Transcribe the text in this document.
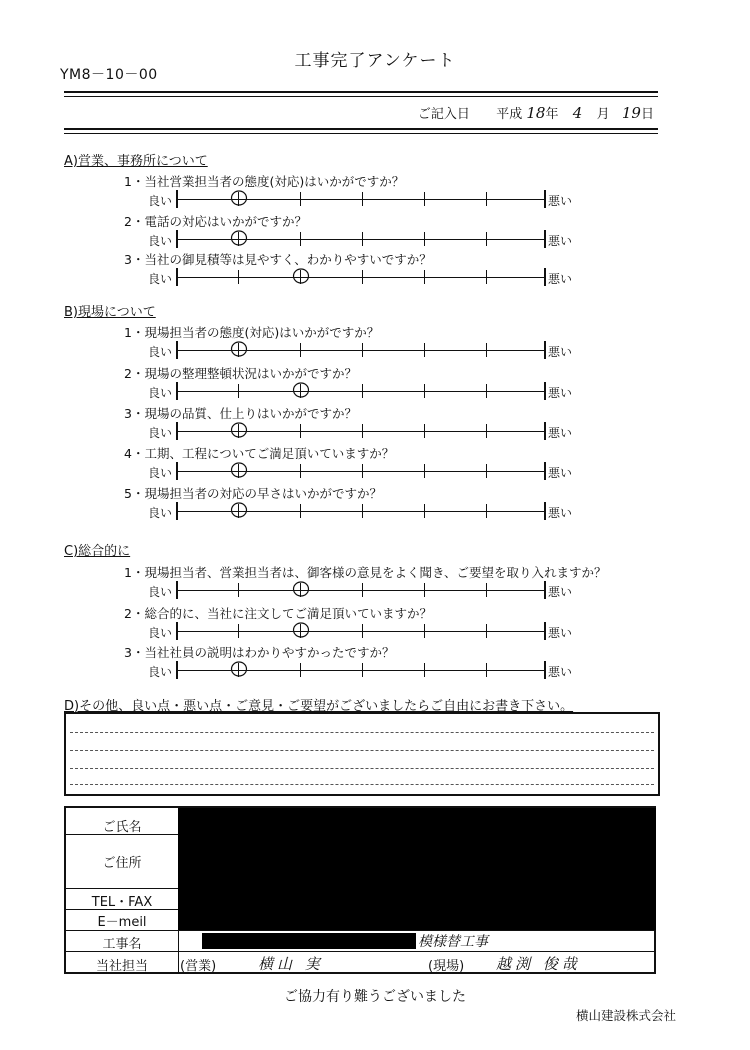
YM8－10－00
工事完了アンケート
ご記入日 平成 18年 4 月 19日
A)営業、事務所について
1・当社営業担当者の態度(対応)はいかがですか？
良い	悪い
2・電話の対応はいかがですか？
良い	悪い
3・当社の御見積等は見やすく、わかりやすいですか？
良い	悪い
B)現場について
1・現場担当者の態度(対応)はいかがですか？
良い	悪い
2・現場の整理整頓状況はいかがですか？
良い	悪い
3・現場の品質、仕上りはいかがですか？
良い	悪い
4・工期、工程についてご満足頂いていますか？
良い	悪い
5・現場担当者の対応の早さはいかがですか？
良い	悪い
C)総合的に
1・現場担当者、営業担当者は、御客様の意見をよく聞き、ご要望を取り入れますか？
良い	悪い
2・総合的に、当社に注文してご満足頂いていますか？
良い	悪い
3・当社社員の説明はわかりやすかったですか？
良い	悪い
D)その他、良い点・悪い点・ご意見・ご要望がございましたらご自由にお書き下さい。
ご氏名
ご住所
TEL・FAX
E－meil
工事名	模様替工事
当社担当	(営業)	横山 実	(現場) 越渕 俊哉
ご協力有り難うございました
横山建設株式会社
